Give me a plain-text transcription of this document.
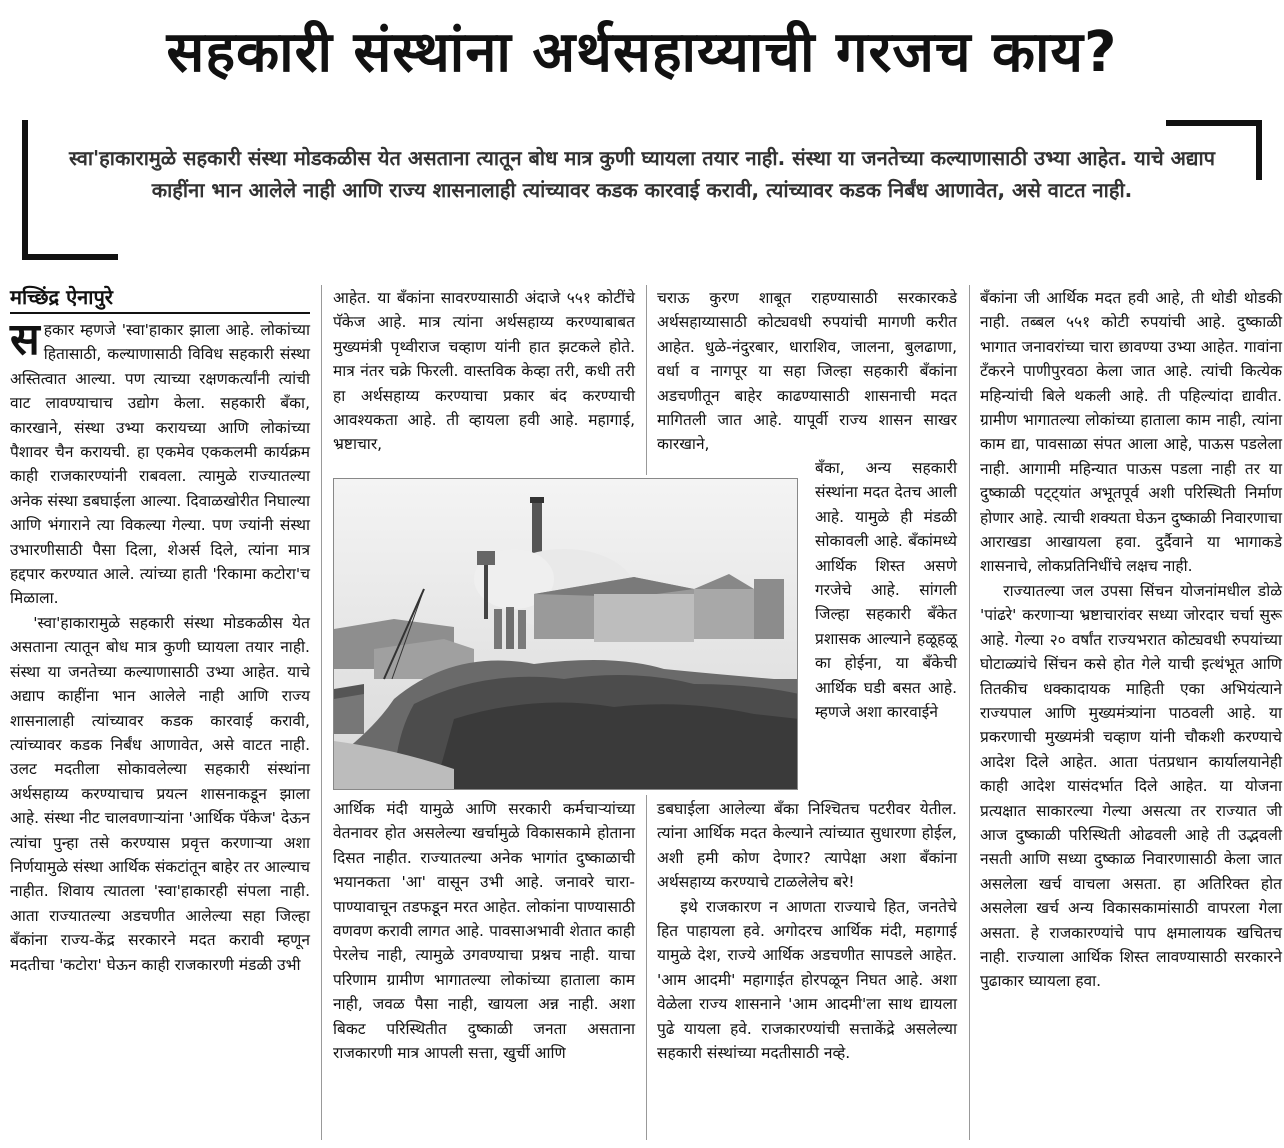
सहकारी संस्थांना अर्थसहाय्याची गरजच काय?
स्वा'हाकारामुळे सहकारी संस्था मोडकळीस येत असताना त्यातून बोध मात्र कुणी घ्यायला तयार नाही. संस्था या जनतेच्या कल्याणासाठी उभ्या आहेत. याचे अद्याप काहींना भान आलेले नाही आणि राज्य शासनालाही त्यांच्यावर कडक कारवाई करावी, त्यांच्यावर कडक निर्बंध आणावेत, असे वाटत नाही.
मच्छिंद्र ऐनापुरे

सहकार म्हणजे 'स्वा'हाकार झाला आहे. लोकांच्या हितासाठी, कल्याणासाठी विविध सहकारी संस्था अस्तित्वात आल्या. पण त्याच्या रक्षणकर्त्यांनी त्यांची वाट लावण्याचाच उद्योग केला. सहकारी बँका, कारखाने, संस्था उभ्या करायच्या आणि लोकांच्या पैशावर चैन करायची. हा एकमेव एककलमी कार्यक्रम काही राजकारण्यांनी राबवला. त्यामुळे राज्यातल्या अनेक संस्था डबघाईला आल्या. दिवाळखोरीत निघाल्या आणि भंगाराने त्या विकल्या गेल्या. पण ज्यांनी संस्था उभारणीसाठी पैसा दिला, शेअर्स दिले, त्यांना मात्र हद्दपार करण्यात आले. त्यांच्या हाती 'रिकामा कटोरा'च मिळाला.

'स्वा'हाकारामुळे सहकारी संस्था मोडकळीस येत असताना त्यातून बोध मात्र कुणी घ्यायला तयार नाही. संस्था या जनतेच्या कल्याणासाठी उभ्या आहेत. याचे अद्याप काहींना भान आलेले नाही आणि राज्य शासनालाही त्यांच्यावर कडक कारवाई करावी, त्यांच्यावर कडक निर्बंध आणावेत, असे वाटत नाही. उलट मदतीला सोकावलेल्या सहकारी संस्थांना अर्थसहाय्य करण्याचाच प्रयत्न शासनाकडून झाला आहे. संस्था नीट चालवणाऱ्यांना 'आर्थिक पॅकेज' देऊन त्यांचा पुन्हा तसे करण्यास प्रवृत्त करणाऱ्या अशा निर्णयामुळे संस्था आर्थिक संकटांतून बाहेर तर आल्याच नाहीत. शिवाय त्यातला 'स्वा'हाकारही संपला नाही. आता राज्यातल्या अडचणीत आलेल्या सहा जिल्हा बँकांना राज्य-केंद्र सरकारने मदत करावी म्हणून मदतीचा 'कटोरा' घेऊन काही राजकारणी मंडळी उभी

आहेत. या बँकांना सावरण्यासाठी अंदाजे ५५१ कोटींचे पॅकेज आहे. मात्र त्यांना अर्थसहाय्य करण्याबाबत मुख्यमंत्री पृथ्वीराज चव्हाण यांनी हात झटकले होते. मात्र नंतर चक्रे फिरली. वास्तविक केव्हा तरी, कधी तरी हा अर्थसहाय्य करण्याचा प्रकार बंद करण्याची आवश्यकता आहे. ती व्हायला हवी आहे. महागाई, भ्रष्टाचार,

आर्थिक मंदी यामुळे आणि सरकारी कर्मचाऱ्यांच्या वेतनावर होत असलेल्या खर्चामुळे विकासकामे होताना दिसत नाहीत. राज्यातल्या अनेक भागांत दुष्काळाची भयानकता 'आ' वासून उभी आहे. जनावरे चारा-पाण्यावाचून तडफडून मरत आहेत. लोकांना पाण्यासाठी वणवण करावी लागत आहे. पावसाअभावी शेतात काही पेरलेच नाही, त्यामुळे उगवण्याचा प्रश्नच नाही. याचा परिणाम ग्रामीण भागातल्या लोकांच्या हाताला काम नाही, जवळ पैसा नाही, खायला अन्न नाही. अशा बिकट परिस्थितीत दुष्काळी जनता असताना राजकारणी मात्र आपली सत्ता, खुर्ची आणि

चराऊ कुरण शाबूत राहण्यासाठी सरकारकडे अर्थसहाय्यासाठी कोट्यवधी रुपयांची मागणी करीत आहेत. धुळे-नंदुरबार, धाराशिव, जालना, बुलढाणा, वर्धा व नागपूर या सहा जिल्हा सहकारी बँकांना अडचणीतून बाहेर काढण्यासाठी शासनाची मदत मागितली जात आहे. यापूर्वी राज्य शासन साखर कारखाने,

बँका, अन्य सहकारी संस्थांना मदत देतच आली आहे. यामुळे ही मंडळी सोकावली आहे. बँकांमध्ये आर्थिक शिस्त असणे गरजेचे आहे. सांगली जिल्हा सहकारी बँकेत प्रशासक आल्याने हळूहळू का होईना, या बँकेची आर्थिक घडी बसत आहे. म्हणजे अशा कारवाईने

डबघाईला आलेल्या बँका निश्चितच पटरीवर येतील. त्यांना आर्थिक मदत केल्याने त्यांच्यात सुधारणा होईल, अशी हमी कोण देणार? त्यापेक्षा अशा बँकांना अर्थसहाय्य करण्याचे टाळलेलेच बरे!

इथे राजकारण न आणता राज्याचे हित, जनतेचे हित पाहायला हवे. अगोदरच आर्थिक मंदी, महागाई यामुळे देश, राज्ये आर्थिक अडचणीत सापडले आहेत. 'आम आदमी' महागाईत होरपळून निघत आहे. अशा वेळेला राज्य शासनाने 'आम आदमी'ला साथ द्यायला पुढे यायला हवे. राजकारण्यांची सत्ताकेंद्रे असलेल्या सहकारी संस्थांच्या मदतीसाठी नव्हे.

बँकांना जी आर्थिक मदत हवी आहे, ती थोडी थोडकी नाही. तब्बल ५५१ कोटी रुपयांची आहे. दुष्काळी भागात जनावरांच्या चारा छावण्या उभ्या आहेत. गावांना टँकरने पाणीपुरवठा केला जात आहे. त्यांची कित्येक महिन्यांची बिले थकली आहे. ती पहिल्यांदा द्यावीत. ग्रामीण भागातल्या लोकांच्या हाताला काम नाही, त्यांना काम द्या, पावसाळा संपत आला आहे, पाऊस पडलेला नाही. आगामी महिन्यात पाऊस पडला नाही तर या दुष्काळी पट्ट्यांत अभूतपूर्व अशी परिस्थिती निर्माण होणार आहे. त्याची शक्यता घेऊन दुष्काळी निवारणाचा आराखडा आखायला हवा. दुर्दैवाने या भागाकडे शासनाचे, लोकप्रतिनिधींचे लक्षच नाही.

राज्यातल्या जल उपसा सिंचन योजनांमधील डोळे 'पांढरे' करणाऱ्या भ्रष्टाचारांवर सध्या जोरदार चर्चा सुरू आहे. गेल्या २० वर्षांत राज्यभरात कोट्यवधी रुपयांच्या घोटाळ्यांचे सिंचन कसे होत गेले याची इत्थंभूत आणि तितकीच धक्कादायक माहिती एका अभियंत्याने राज्यपाल आणि मुख्यमंत्र्यांना पाठवली आहे. या प्रकरणाची मुख्यमंत्री चव्हाण यांनी चौकशी करण्याचे आदेश दिले आहेत. आता पंतप्रधान कार्यालयानेही काही आदेश यासंदर्भात दिले आहेत. या योजना प्रत्यक्षात साकारल्या गेल्या असत्या तर राज्यात जी आज दुष्काळी परिस्थिती ओढवली आहे ती उद्भवली नसती आणि सध्या दुष्काळ निवारणासाठी केला जात असलेला खर्च वाचला असता. हा अतिरिक्त होत असलेला खर्च अन्य विकासकामांसाठी वापरला गेला असता. हे राजकारण्यांचे पाप क्षमालायक खचितच नाही. राज्याला आर्थिक शिस्त लावण्यासाठी सरकारने पुढाकार घ्यायला हवा.
